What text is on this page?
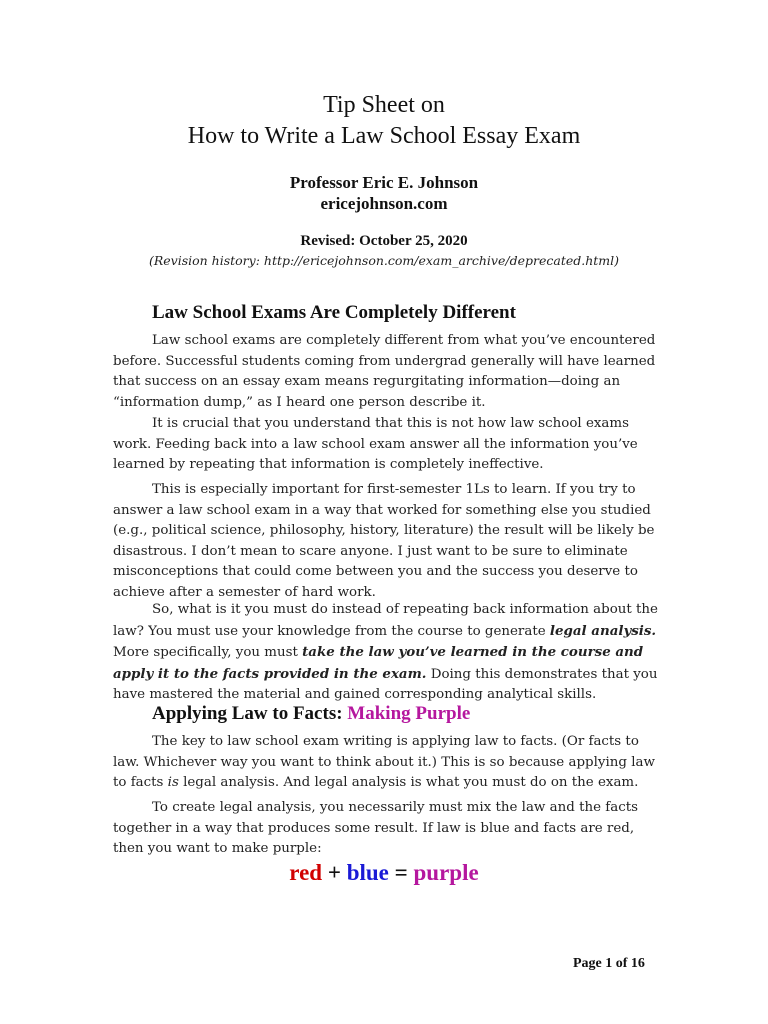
Tip Sheet on
How to Write a Law School Essay Exam
Professor Eric E. Johnson
ericejohnson.com
Revised: October 25, 2020
(Revision history: http://ericejohnson.com/exam_archive/deprecated.html)
Law School Exams Are Completely Different
Law school exams are completely different from what you’ve encountered before. Successful students coming from undergrad generally will have learned that success on an essay exam means regurgitating information—doing an “information dump,” as I heard one person describe it.
It is crucial that you understand that this is not how law school exams work. Feeding back into a law school exam answer all the information you’ve learned by repeating that information is completely ineffective.
This is especially important for first-semester 1Ls to learn. If you try to answer a law school exam in a way that worked for something else you studied (e.g., political science, philosophy, history, literature) the result will be likely be disastrous. I don’t mean to scare anyone. I just want to be sure to eliminate misconceptions that could come between you and the success you deserve to achieve after a semester of hard work.
So, what is it you must do instead of repeating back information about the law? You must use your knowledge from the course to generate legal analysis. More specifically, you must take the law you’ve learned in the course and apply it to the facts provided in the exam. Doing this demonstrates that you have mastered the material and gained corresponding analytical skills.
Applying Law to Facts: Making Purple
The key to law school exam writing is applying law to facts. (Or facts to law. Whichever way you want to think about it.) This is so because applying law to facts is legal analysis. And legal analysis is what you must do on the exam.
To create legal analysis, you necessarily must mix the law and the facts together in a way that produces some result. If law is blue and facts are red, then you want to make purple:
red + blue = purple
Page 1 of 16
